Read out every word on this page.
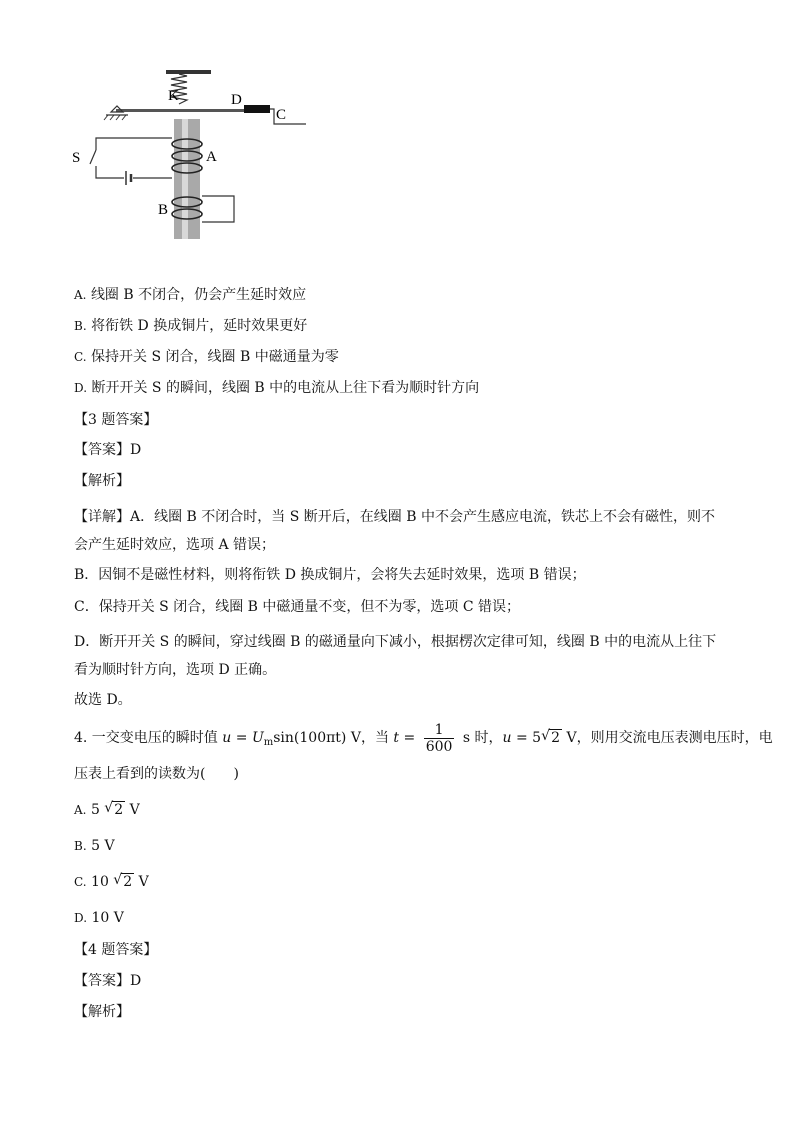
K	D
C
A
B
S
A. 线圈 B 不闭合，仍会产生延时效应
B. 将衔铁 D 换成铜片，延时效果更好
C. 保持开关 S 闭合，线圈 B 中磁通量为零
D. 断开开关 S 的瞬间，线圈 B 中的电流从上往下看为顺时针方向
【3 题答案】
【答案】D
【解析】
【详解】A．线圈 B 不闭合时，当 S 断开后，在线圈 B 中不会产生感应电流，铁芯上不会有磁性，则不会产生延时效应，选项 A 错误；
B．因铜不是磁性材料，则将衔铁 D 换成铜片，会将失去延时效果，选项 B 错误；
C．保持开关 S 闭合，线圈 B 中磁通量不变，但不为零，选项 C 错误；
D．断开开关 S 的瞬间，穿过线圈 B 的磁通量向下减小，根据楞次定律可知，线圈 B 中的电流从上往下看为顺时针方向，选项 D 正确。
故选 D。
4. 一交变电压的瞬时值 $u = U_m\sin(100\pi t)$ V，当 $t = \frac{1}{600}$ s 时，u = 5 √ 2 V，则用交流电压表测电压时，电
压表上看到的读数为(　　)
A. 5 √ 2 V
B. 5 V
C. 10 √ 2 V
D. 10 V
【4 题答案】
【答案】D
【解析】
